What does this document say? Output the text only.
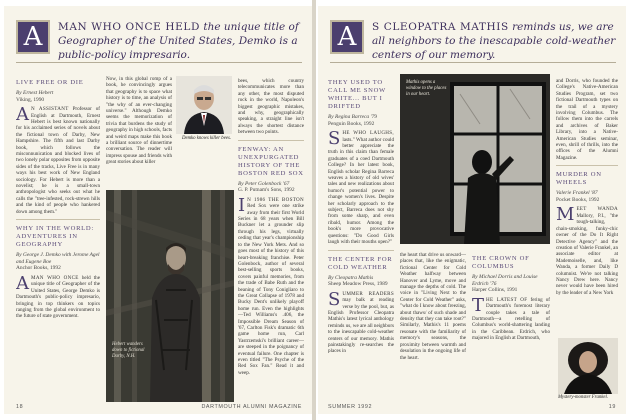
A	MAN WHO ONCE HELD the unique title of Geographer of the United States, Demko is a public-policy impresario.
LIVE FREE OR DIE
By Ernest Hebert
Viking, 1990

AN ASSISTANT Professor of English at Dartmouth, Ernest Hebert is best known nationally for his acclaimed series of novels about the fictional town of Darby, New Hampshire. The fifth and last Darby book, which follows the misconnunication and blocked lives of two lonely polar opposites from opposite sides of the tracks, Live Free is in many ways his best work of New England sociology. For Hebert is more than a novelist; he is a small-town anthropologist who seeks out what he calls the "tree-infested, rock-strewn hills and the kind of people who hankered down among them."

WHY IN THE WORLD: ADVENTURES IN GEOGRAPHY
By George J. Demko with Jerome Agel and Eugene Boe
Anchor Books, 1992

AMAN WHO ONCE held the unique title of Geographer of the United States, George Demko is Dartmouth's public-policy impresario, bringing in top thinkers on topics ranging from the global environment to the future of state government.

Now, in this global romp of a book, he convincingly argues that geography is to space what history is to time, an analysis of "the why of an ever-changing universe." Although Demko seems the memorization of trivia that burdens the study of geography in high schools, facts and weird maps make this book a brilliant source of dinnertime conversation. The reader will impress spouse and friends with great stories about killer

Demko knows killer bees.
Hebert wanders down to fictional Darby, N.H.

bees, which country telecommunicates more than any other, the most disputed rock in the world, Napoleon's biggest geographic mistakes, and why, geographically speaking, a straight line isn't always the shortest distance between two points.

FENWAY: AN UNEXPURGATED HISTORY OF THE BOSTON RED SOX
By Peter Golenbock '67
G. P. Putnam's Sons, 1992

IN 1986 THE BOSTON Red Sox were one strike away from their first World Series in 68 years when Bill Buckner let a grounder slip through his legs, virtually ceding that year's championship to the New York Mets. And so goes most of the history of this heart-breaking franchise. Peter Golenbock, author of several best-selling sports books, covers painful memories, from the trade of Babe Ruth and the beaning of Tony Conigliaro to the Great Collapse of 1978 and Bucky Dent's unlikely playoff home run. Even the highlights—Ted Williams's .406, the Impossible Dream Season of '67, Carlton Fisk's dramatic 6th game home run, Carl Yastrzemski's brilliant career—are steeped in the poignancy of eventual failure. One chapter is even titled "The Psyche of the Red Sox Fan." Read it and weep.

18	DARTMOUTH ALUMNI MAGAZINE
A	S CLEOPATRA MATHIS reminds us, we are all neighbors to the inescapable cold-weather centers of our memory.
THEY USED TO CALL ME SNOW WHITE... BUT I DRIFTED
By Regina Barreca '79
Penguin Books, 1992

SHE WHO LAUGHS, lasts." What author could better appreciate the truth in this claim than female graduates of a coed Dartmouth College? In her latest book, English scholar Regina Barreca weaves a history of old wives' tales and new realizations about humor's potential power to change women's lives. Despite her scholarly approach to the subject, Barreca does not shy from some sharp, and even ribald, humor. Among the book's more provocative questions: "Do Good Girls laugh with their mouths open?"

THE CENTER FOR COLD WEATHER
By Cleopatra Mathis
Sheep Meadow Press, 1989

SUMMER READERS may balk at reading verse by the pool, but, as English Professor Cleopatra Mathis's latest lyrical anthology reminds us, we are all neighbors to the inescapable cold-weather centers of our memory. Mathis painstakingly re-searches the places in

Mathis opens a window to the places in our heart.

the heart that drive us onward—places that, like the enigmatic, fictional Center for Cold Weather halfway between Hanover and Lyme, move and manage the depths of cold. The voice in "Living Next to the Center for Cold Weather" asks, "what do I know about freezing, about thaws/ of such shade and density that they can take root?" Similarly, Mathis's 11 poems resonate with the familiarity of memory's seasons, the proximity between warmth and desolation in the ongoing life of the heart.

THE CROWN OF COLUMBUS
By Michael Dorris and Louise Erdrich '76
Harper Collins, 1991

THE LATEST OF fering of Dartmouth's foremost literary couple takes a tale of Dartmouth—a retelling of Columbus's world-shattering landing in the Caribbean. Erdrich, who majored in English at Dartmouth,

and Dorris, who founded the College's Native-American Studies Program, set two fictional Dartmouth types on the trail of a mystery involving Columbus. The follow them into the carrels and archives of Baker Library, into a Native-American Studies seminar, even, shrill of thrills, into the offices of the Alumni Magazine.

MURDER ON WHEELS
Valerie Frankel '87
Pocket Books, 1992

MEET WANDA Mallory, P.I., "the tough-talking, chain-smoking, funky-chic owner of the Do It Right Detective Agency" and the creation of Valerie Frankel, an associate editor at Mademoiselle, and, like Wanda, a former Daily D columnist. We're not talking Nancy Drew here. Nancy never would have been hired by the leader of a New York

Mystery-monster Frankel.
SUMMER 1992	19
